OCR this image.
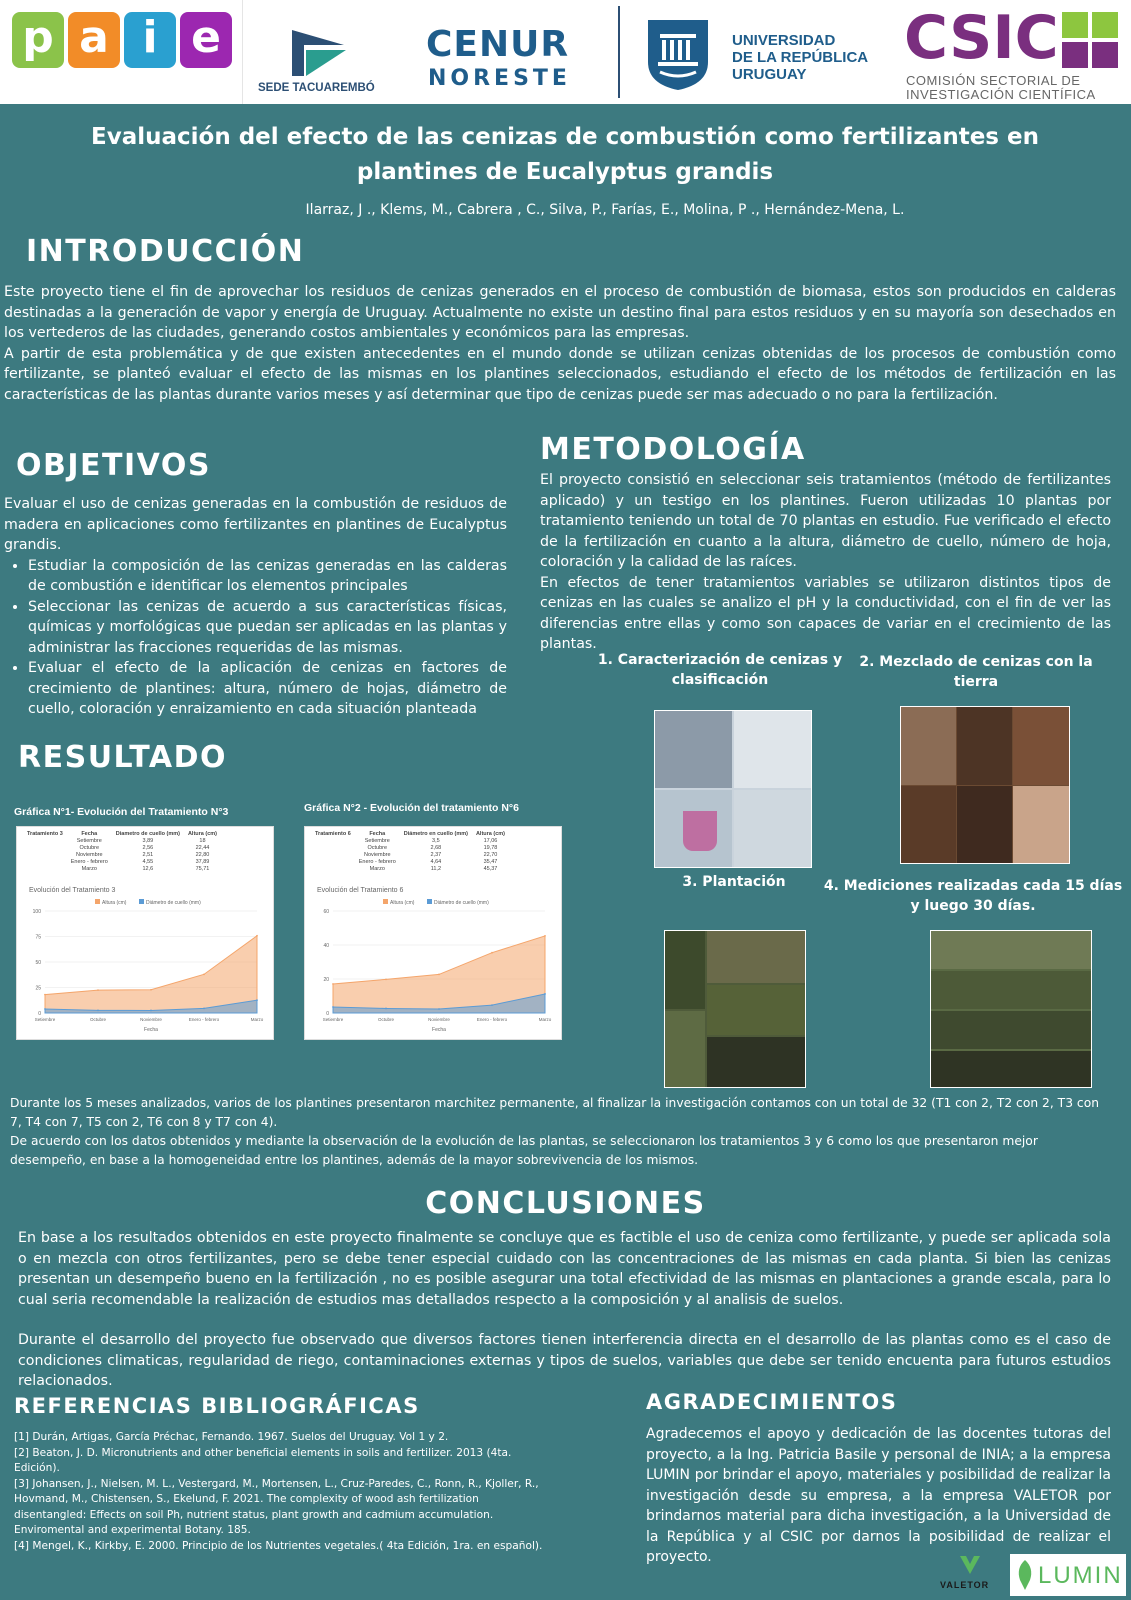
p a i e
SEDE TACUAREMBÓ
CENUR
NORESTE
UNIVERSIDAD
DE LA REPÚBLICA
URUGUAY
CSIC
COMISIÓN SECTORIAL DE
INVESTIGACIÓN CIENTÍFICA
Evaluación del efecto de las cenizas de combustión como fertilizantes en plantines de Eucalyptus grandis
Ilarraz, J ., Klems, M., Cabrera , C., Silva, P., Farías, E., Molina, P ., Hernández-Mena, L.
INTRODUCCIÓN
Este proyecto tiene el fin de aprovechar los residuos de cenizas generados en el proceso de combustión de biomasa, estos son producidos en calderas destinadas a la generación de vapor y energía de Uruguay. Actualmente no existe un destino final para estos residuos y en su mayoría son desechados en los vertederos de las ciudades, generando costos ambientales y económicos para las empresas.
A partir de esta problemática y de que existen antecedentes en el mundo donde se utilizan cenizas obtenidas de los procesos de combustión como fertilizante, se planteó evaluar el efecto de las mismas en los plantines seleccionados, estudiando el efecto de los métodos de fertilización en las características de las plantas durante varios meses y así determinar que tipo de cenizas puede ser mas adecuado o no para la fertilización.
OBJETIVOS
Evaluar el uso de cenizas generadas en la combustión de residuos de madera en aplicaciones como fertilizantes en plantines de Eucalyptus grandis.
• Estudiar la composición de las cenizas generadas en las calderas de combustión e identificar los elementos principales
• Seleccionar las cenizas de acuerdo a sus características físicas, químicas y morfológicas que puedan ser aplicadas en las plantas y administrar las fracciones requeridas de las mismas.
• Evaluar el efecto de la aplicación de cenizas en factores de crecimiento de plantines: altura, número de hojas, diámetro de cuello, coloración y enraizamiento en cada situación planteada
METODOLOGÍA
El proyecto consistió en seleccionar seis tratamientos (método de fertilizantes aplicado) y un testigo en los plantines. Fueron utilizadas 10 plantas por tratamiento teniendo un total de 70 plantas en estudio. Fue verificado el efecto de la fertilización en cuanto a la altura, diámetro de cuello, número de hoja, coloración y la calidad de las raíces.
En efectos de tener tratamientos variables se utilizaron distintos tipos de cenizas en las cuales se analizo el pH y la conductividad, con el fin de ver las diferencias entre ellas y como son capaces de variar en el crecimiento de las plantas.
1. Caracterización de cenizas y clasificación
2. Mezclado de cenizas con la tierra
3. Plantación	4. Mediciones realizadas cada 15 días y luego 30 días.
RESULTADO
Gráfica N°1- Evolución del Tratamiento N°3	Gráfica N°2 - Evolución del tratamiento N°6
Tratamiento 3	Fecha	Diametro de cuello (mm)	Altura (cm)
	Setiembre	3,89	18
	Octubre	2,56	22,44
	Noviembre	2,51	22,80
	Enero - febrero	4,55	37,89
	Marzo	12,6	75,71
Evolución del Tratamiento 3
Altura (cm)	Diámetro de cuello (mm)
0
25
50
75
100
Setiembre	Octubre	Noviembre	Enero - febrero	Marzo
Fecha
Tratamiento 6	Fecha	Diámetro en cuello (mm)	Altura (cm)
	Setiembre	3,5	17,06
	Octubre	2,68	19,78
	Noviembre	2,37	22,70
	Enero - febrero	4,64	35,47
	Marzo	11,2	45,37
Evolución del Tratamiento 6
Altura (cm)	Diámetro de cuello (mm)
0
20
40
60
Setiembre	Octubre	Noviembre	Enero - febrero	Marzo
Fecha
Durante los 5 meses analizados, varios de los plantines presentaron marchitez permanente, al finalizar la investigación contamos con un total de 32 (T1 con 2, T2 con 2, T3 con 7, T4 con 7, T5 con 2, T6 con 8 y T7 con 4).
De acuerdo con los datos obtenidos y mediante la observación de la evolución de las plantas, se seleccionaron los tratamientos 3 y 6 como los que presentaron mejor desempeño, en base a la homogeneidad entre los plantines, además de la mayor sobrevivencia de los mismos.
CONCLUSIONES
En base a los resultados obtenidos en este proyecto finalmente se concluye que es factible el uso de ceniza como fertilizante, y puede ser aplicada sola o en mezcla con otros fertilizantes, pero se debe tener especial cuidado con las concentraciones de las mismas en cada planta. Si bien las cenizas presentan un desempeño bueno en la fertilización , no es posible asegurar una total efectividad de las mismas en plantaciones a grande escala, para lo cual seria recomendable la realización de estudios mas detallados respecto a la composición y al analisis de suelos.
Durante el desarrollo del proyecto fue observado que diversos factores tienen interferencia directa en el desarrollo de las plantas como es el caso de condiciones climaticas, regularidad de riego, contaminaciones externas y tipos de suelos, variables que debe ser tenido encuenta para futuros estudios relacionados.
REFERENCIAS BIBLIOGRÁFICAS
[1] Durán, Artigas, García Préchac, Fernando. 1967. Suelos del Uruguay. Vol 1 y 2.
[2] Beaton, J. D. Micronutrients and other beneficial elements in soils and fertilizer. 2013 (4ta. Edición).
[3] Johansen, J., Nielsen, M. L., Vestergard, M., Mortensen, L., Cruz-Paredes, C., Ronn, R., Kjoller, R., Hovmand, M., Chistensen, S., Ekelund, F. 2021. The complexity of wood ash fertilization disentangled: Effects on soil Ph, nutrient status, plant growth and cadmium accumulation. Enviromental and experimental Botany. 185.
[4] Mengel, K., Kirkby, E. 2000. Principio de los Nutrientes vegetales.( 4ta Edición, 1ra. en español).
AGRADECIMIENTOS
Agradecemos el apoyo y dedicación de las docentes tutoras del proyecto, a la Ing. Patricia Basile y personal de INIA; a la empresa LUMIN por brindar el apoyo, materiales y posibilidad de realizar la investigación desde su empresa, a la empresa VALETOR por brindarnos material para dicha investigación, a la Universidad de la República y al CSIC por darnos la posibilidad de realizar el proyecto.
VALETOR LUMIN
